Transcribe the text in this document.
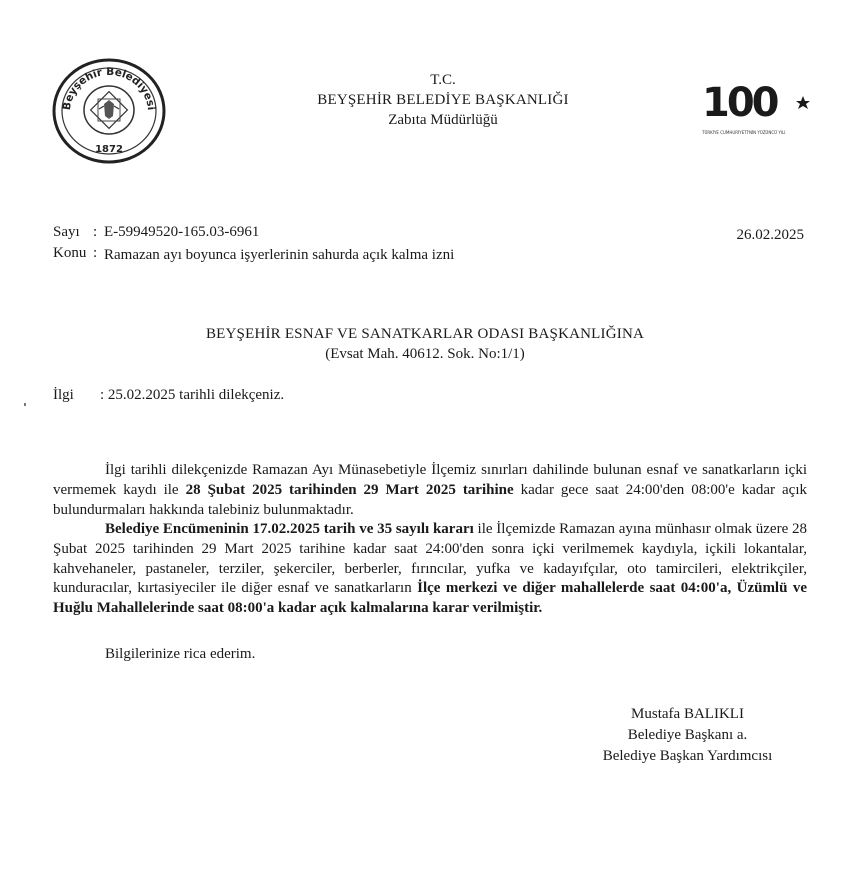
Beyşehir Belediyesi
1872
100
TÜRKİYE CUMHURİYETİ'NİN YÜZÜNCÜ YILI
T.C.
BEYŞEHİR BELEDİYE BAŞKANLIĞI
Zabıta Müdürlüğü
Sayı : E-59949520-165.03-6961
Konu : Ramazan ayı boyunca işyerlerinin sahurda açık kalma izni
26.02.2025
BEYŞEHİR ESNAF VE SANATKARLAR ODASI BAŞKANLIĞINA
(Evsat Mah. 40612. Sok. No:1/1)
İlgi : 25.02.2025 tarihli dilekçeniz.
İlgi tarihli dilekçenizde Ramazan Ayı Münasebetiyle İlçemiz sınırları dahilinde bulunan esnaf ve sanatkarların içki vermemek kaydı ile 28 Şubat 2025 tarihinden 29 Mart 2025 tarihine kadar gece saat 24:00'den 08:00'e kadar açık bulundurmaları hakkında talebiniz bulunmaktadır.
Belediye Encümeninin 17.02.2025 tarih ve 35 sayılı kararı ile İlçemizde Ramazan ayına münhasır olmak üzere 28 Şubat 2025 tarihinden 29 Mart 2025 tarihine kadar saat 24:00'den sonra içki verilmemek kaydıyla, içkili lokantalar, kahvehaneler, pastaneler, terziler, şekerciler, berberler, fırıncılar, yufka ve kadayıfçılar, oto tamircileri, elektrikçiler, kunduracılar, kırtasiyeciler ile diğer esnaf ve sanatkarların İlçe merkezi ve diğer mahallelerde saat 04:00'a, Üzümlü ve Huğlu Mahallelerinde saat 08:00'a kadar açık kalmalarına karar verilmiştir.
Bilgilerinize rica ederim.
Mustafa BALIKLI
Belediye Başkanı a.
Belediye Başkan Yardımcısı
